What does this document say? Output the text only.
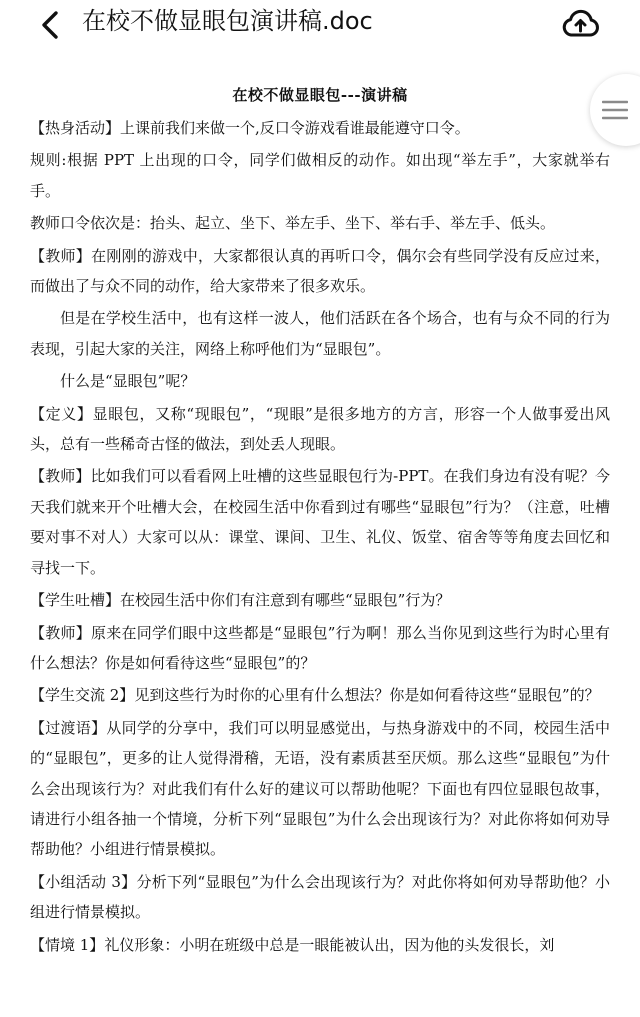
在校不做显眼包演讲稿.doc
在校不做显眼包---演讲稿

【热身活动】上课前我们来做一个,反口令游戏看谁最能遵守口令。

规则:根据 PPT 上出现的口令，同学们做相反的动作。如出现“举左手”，大家就举右手。

教师口令依次是：抬头、起立、坐下、举左手、坐下、举右手、举左手、低头。

【教师】在刚刚的游戏中，大家都很认真的再听口令，偶尔会有些同学没有反应过来，而做出了与众不同的动作，给大家带来了很多欢乐。

但是在学校生活中，也有这样一波人，他们活跃在各个场合，也有与众不同的行为表现，引起大家的关注，网络上称呼他们为“显眼包”。

什么是“显眼包”呢？

【定义】显眼包，又称“现眼包”，“现眼”是很多地方的方言，形容一个人做事爱出风头，总有一些稀奇古怪的做法，到处丢人现眼。

【教师】比如我们可以看看网上吐槽的这些显眼包行为-PPT。在我们身边有没有呢？今天我们就来开个吐槽大会，在校园生活中你看到过有哪些“显眼包”行为？（注意，吐槽要对事不对人）大家可以从：课堂、课间、卫生、礼仪、饭堂、宿舍等等角度去回忆和寻找一下。

【学生吐槽】在校园生活中你们有注意到有哪些“显眼包”行为？

【教师】原来在同学们眼中这些都是“显眼包”行为啊！那么当你见到这些行为时心里有什么想法？你是如何看待这些“显眼包”的？

【学生交流 2】见到这些行为时你的心里有什么想法？你是如何看待这些“显眼包”的？

【过渡语】从同学的分享中，我们可以明显感觉出，与热身游戏中的不同，校园生活中的“显眼包”，更多的让人觉得滑稽，无语，没有素质甚至厌烦。那么这些“显眼包”为什么会出现该行为？对此我们有什么好的建议可以帮助他呢？下面也有四位显眼包故事，请进行小组各抽一个情境，分析下列“显眼包”为什么会出现该行为？对此你将如何劝导帮助他？小组进行情景模拟。

【小组活动 3】分析下列“显眼包”为什么会出现该行为？对此你将如何劝导帮助他？小组进行情景模拟。

【情境 1】礼仪形象：小明在班级中总是一眼能被认出，因为他的头发很长，刘
